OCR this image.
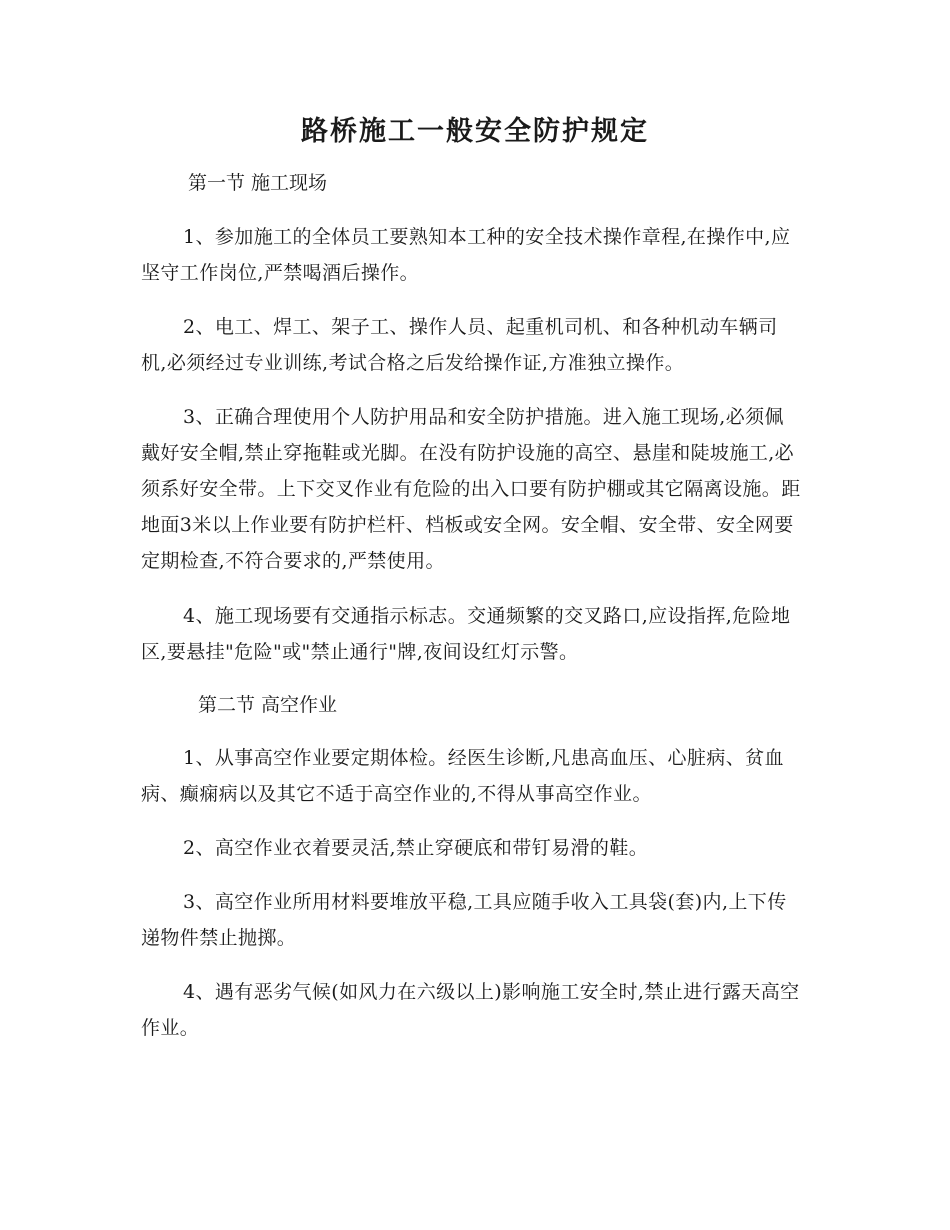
路桥施工一般安全防护规定

第一节 施工现场

1、参加施工的全体员工要熟知本工种的安全技术操作章程,在操作中,应坚守工作岗位,严禁喝酒后操作。

2、电工、焊工、架子工、操作人员、起重机司机、和各种机动车辆司机,必须经过专业训练,考试合格之后发给操作证,方准独立操作。

3、正确合理使用个人防护用品和安全防护措施。进入施工现场,必须佩戴好安全帽,禁止穿拖鞋或光脚。在没有防护设施的高空、悬崖和陡坡施工,必须系好安全带。上下交叉作业有危险的出入口要有防护棚或其它隔离设施。距地面3米以上作业要有防护栏杆、档板或安全网。安全帽、安全带、安全网要定期检查,不符合要求的,严禁使用。

4、施工现场要有交通指示标志。交通频繁的交叉路口,应设指挥,危险地区,要悬挂"危险"或"禁止通行"牌,夜间设红灯示警。

第二节 高空作业

1、从事高空作业要定期体检。经医生诊断,凡患高血压、心脏病、贫血病、癫痫病以及其它不适于高空作业的,不得从事高空作业。

2、高空作业衣着要灵活,禁止穿硬底和带钉易滑的鞋。

3、高空作业所用材料要堆放平稳,工具应随手收入工具袋(套)内,上下传递物件禁止抛掷。

4、遇有恶劣气候(如风力在六级以上)影响施工安全时,禁止进行露天高空作业。
